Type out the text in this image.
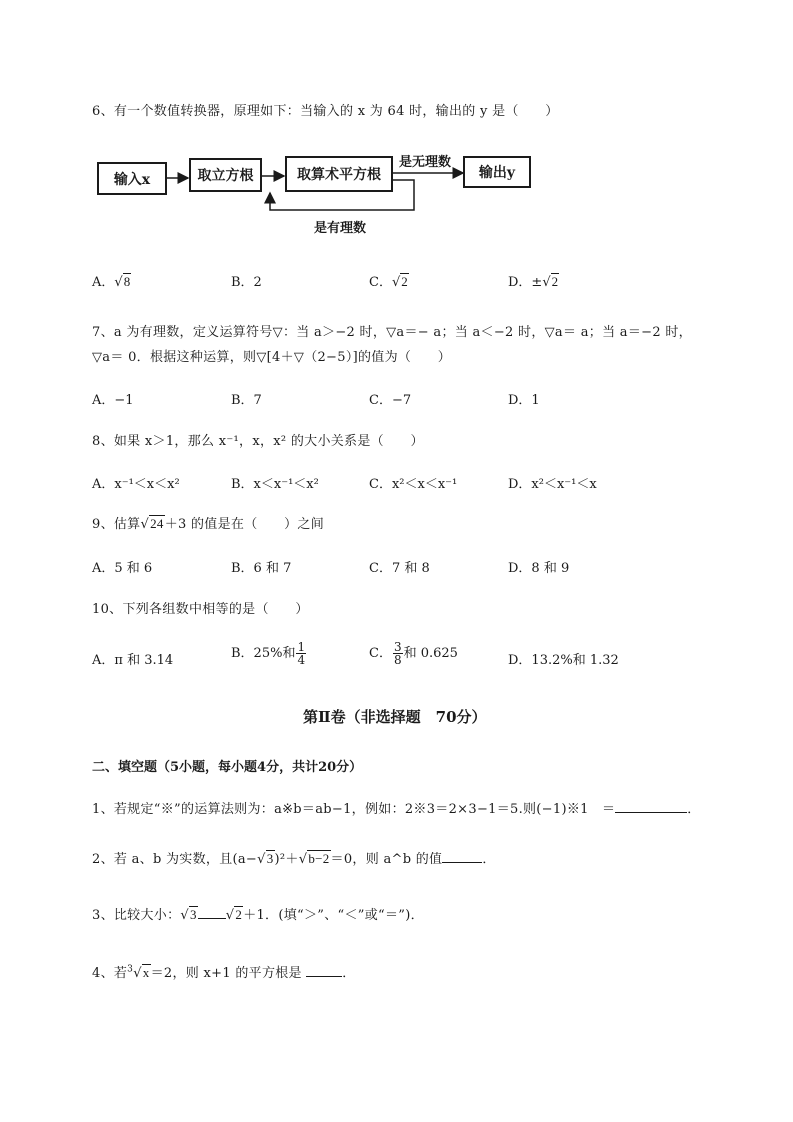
6、有一个数值转换器，原理如下：当输入的 x 为 64 时，输出的 y 是（　　）
输入x	取立方根	取算术平方根	输出y
是无理数
是有理数
A．√8	B．2	C．√2	D．±√2
7、a 为有理数，定义运算符号▽：当 a＞−2 时，▽a＝− a；当 a＜−2 时，▽a＝ a；当 a＝−2 时，
▽a＝ 0．根据这种运算，则▽[4＋▽（2−5）]的值为（　　）
A．−1	B．7	C．−7	D．1
8、如果 x＞1，那么 x⁻¹，x，x² 的大小关系是（　　）
A．x⁻¹＜x＜x²	B．x＜x⁻¹＜x²	C．x²＜x＜x⁻¹	D．x²＜x⁻¹＜x
9、估算√24＋3 的值是在（　　）之间
A．5 和 6	B．6 和 7	C．7 和 8	D．8 和 9
10、下列各组数中相等的是（　　）
A．π 和 3.14	B．25%和 $\frac{1}{4}$	C． $\frac{3}{8}$ 和 0.625	D．13.2%和 1.32
第Ⅱ卷（非选择题　70分）
二、填空题（5小题，每小题4分，共计20分）
1、若规定“※”的运算法则为：a※b＝ab−1，例如：2※3＝2×3−1＝5.则(−1)※1　＝	．
2、若 a、b 为实数，且(a−√3)²＋√b−2＝0，则 a^b 的值	．
3、比较大小：√3 √2＋1．(填“＞”、“＜”或“＝”)．
4、若$^3$√x＝2，则 x+1 的平方根是	．
